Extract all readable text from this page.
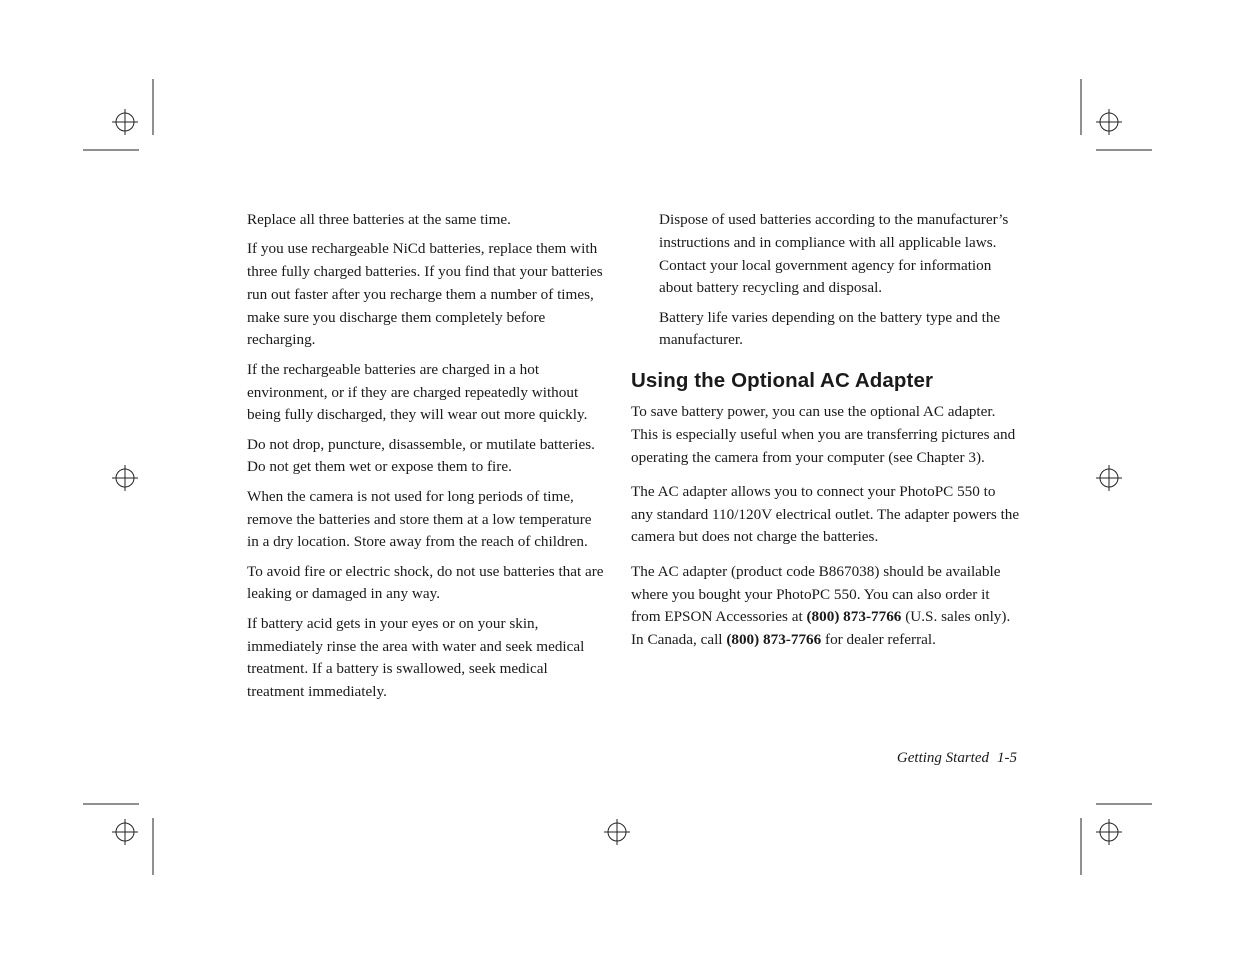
Replace all three batteries at the same time.

If you use rechargeable NiCd batteries, replace them with three fully charged batteries. If you find that your batteries run out faster after you recharge them a number of times, make sure you discharge them completely before recharging.

If the rechargeable batteries are charged in a hot environment, or if they are charged repeatedly without being fully discharged, they will wear out more quickly.

Do not drop, puncture, disassemble, or mutilate batteries. Do not get them wet or expose them to fire.

When the camera is not used for long periods of time, remove the batteries and store them at a low temperature in a dry location. Store away from the reach of children.

To avoid fire or electric shock, do not use batteries that are leaking or damaged in any way.

If battery acid gets in your eyes or on your skin, immediately rinse the area with water and seek medical treatment. If a battery is swallowed, seek medical treatment immediately.

Dispose of used batteries according to the manufacturer’s instructions and in compliance with all applicable laws. Contact your local government agency for information about battery recycling and disposal.

Battery life varies depending on the battery type and the manufacturer.

Using the Optional AC Adapter

To save battery power, you can use the optional AC adapter. This is especially useful when you are transferring pictures and operating the camera from your computer (see Chapter 3).

The AC adapter allows you to connect your PhotoPC 550 to any standard 110/120V electrical outlet. The adapter powers the camera but does not charge the batteries.

The AC adapter (product code B867038) should be available where you bought your PhotoPC 550. You can also order it from EPSON Accessories at (800) 873-7766 (U.S. sales only). In Canada, call (800) 873-7766 for dealer referral.

Getting Started 1-5
